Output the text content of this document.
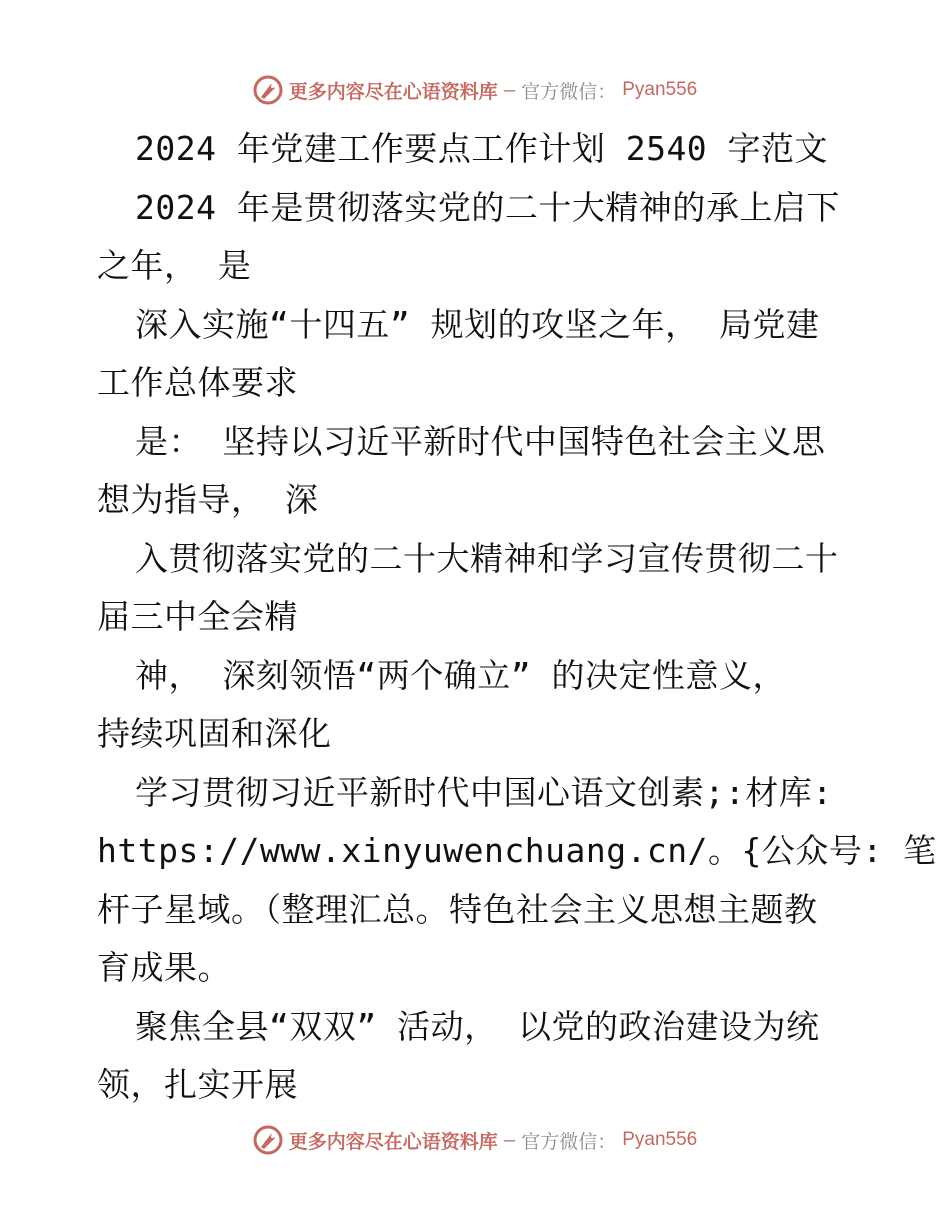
更多内容尽在心语资料库 — 官方微信： Pyan556
2024 年党建工作要点工作计划 2540 字范文
2024 年是贯彻落实党的二十大精神的承上启下
之年， 是
深入实施“十四五” 规划的攻坚之年， 局党建
工作总体要求
是： 坚持以习近平新时代中国特色社会主义思
想为指导， 深
入贯彻落实党的二十大精神和学习宣传贯彻二十
届三中全会精
神， 深刻领悟“两个确立” 的决定性意义，
持续巩固和深化
学习贯彻习近平新时代中国心语文创素;:材库:
https://www.xinyuwenchuang.cn/。{公众号: 笔
杆子星域。（整理汇总。特色社会主义思想主题教
育成果。
聚焦全县“双双” 活动， 以党的政治建设为统
领，扎实开展
更多内容尽在心语资料库 — 官方微信： Pyan556
